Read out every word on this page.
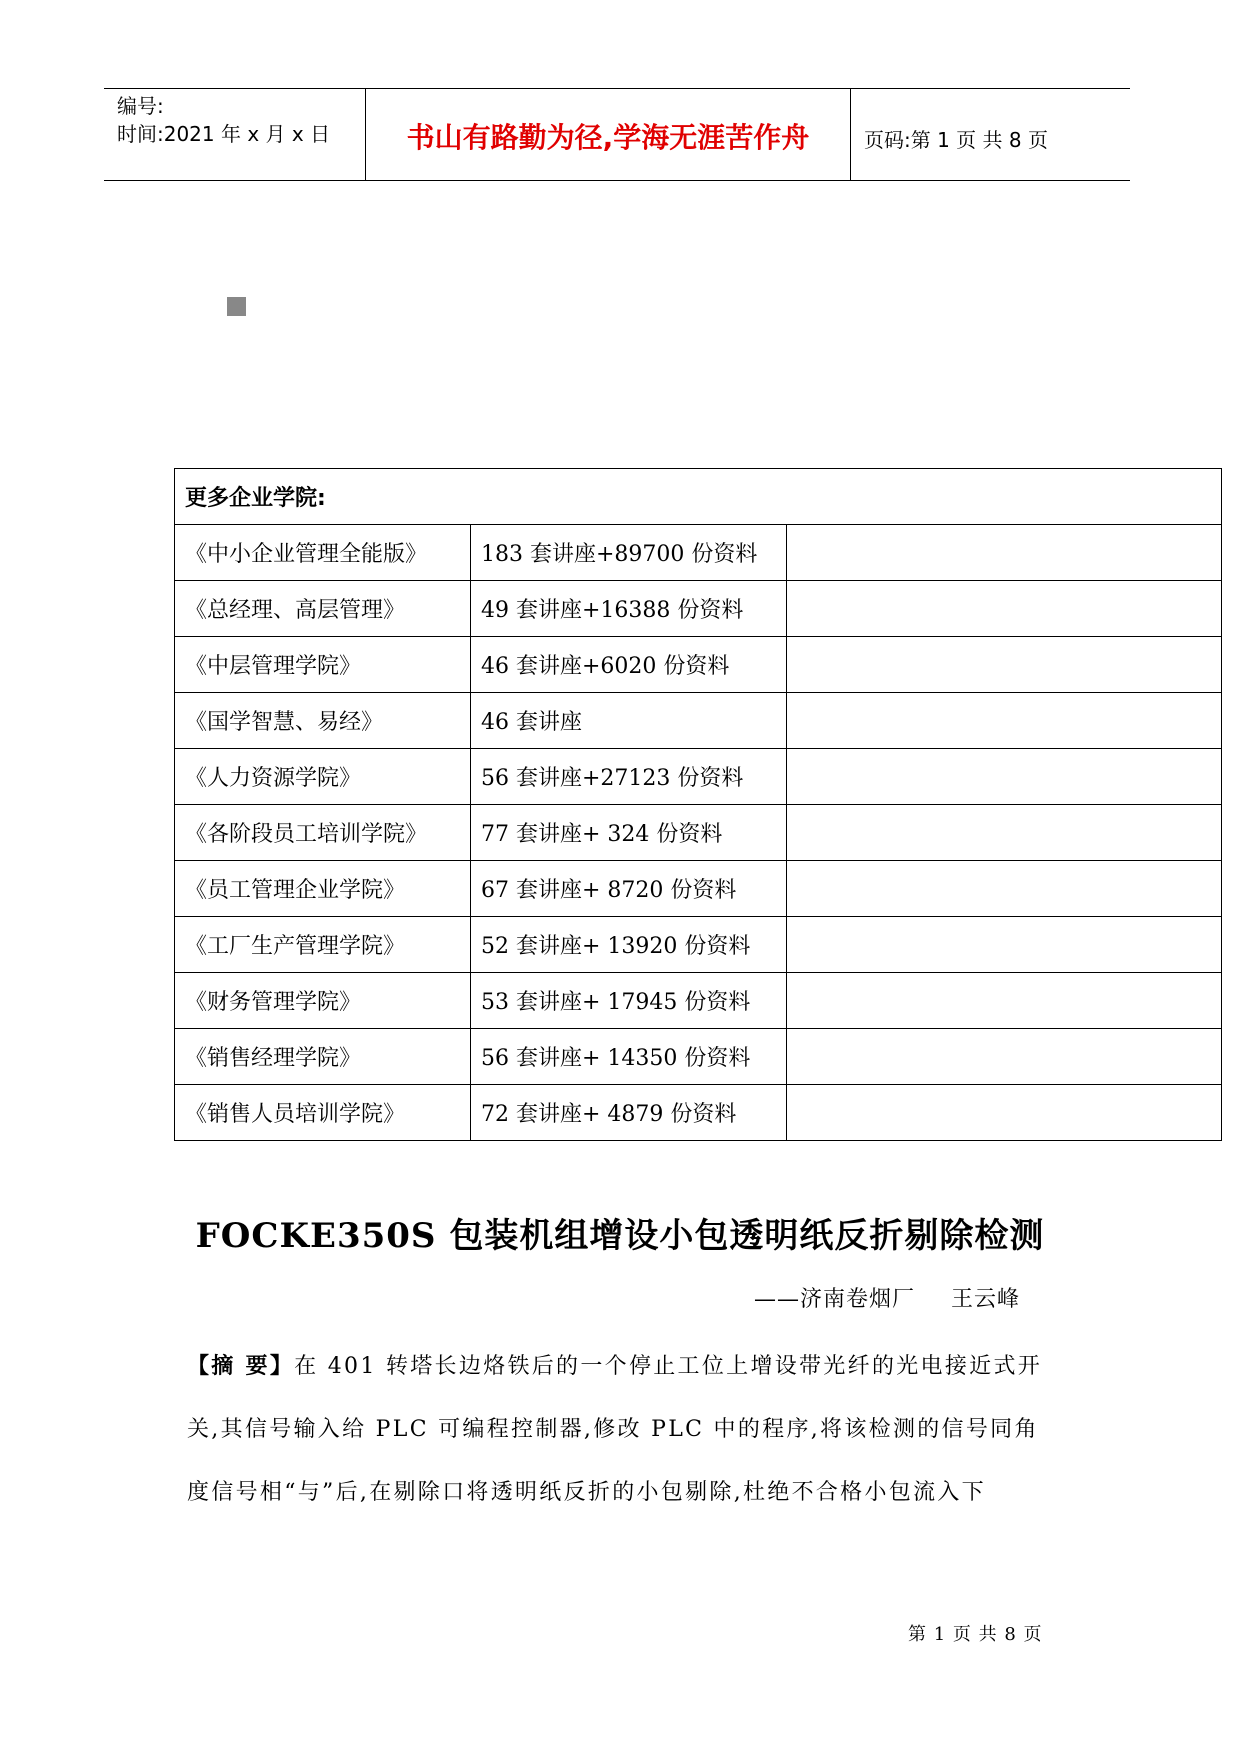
编号:
时间:2021 年 x 月 x 日	书山有路勤为径,学海无涯苦作舟	页码:第 1 页 共 8 页
更多企业学院:		
《中小企业管理全能版》	183 套讲座+89700 份资料	
《总经理、高层管理》	49 套讲座+16388 份资料	
《中层管理学院》	46 套讲座+6020 份资料	
《国学智慧、易经》	46 套讲座	
《人力资源学院》	56 套讲座+27123 份资料	
《各阶段员工培训学院》	77 套讲座+ 324 份资料	
《员工管理企业学院》	67 套讲座+ 8720 份资料	
《工厂生产管理学院》	52 套讲座+ 13920 份资料	
《财务管理学院》	53 套讲座+ 17945 份资料	
《销售经理学院》	56 套讲座+ 14350 份资料	
《销售人员培训学院》	72 套讲座+ 4879 份资料	
FOCKE350S 包装机组增设小包透明纸反折剔除检测
——济南卷烟厂 王云峰
【摘 要】在 401 转塔长边烙铁后的一个停止工位上增设带光纤的光电接近式开关,其信号输入给 PLC 可编程控制器,修改 PLC 中的程序,将该检测的信号同角度信号相“与”后,在剔除口将透明纸反折的小包剔除,杜绝不合格小包流入下
第 1 页 共 8 页
